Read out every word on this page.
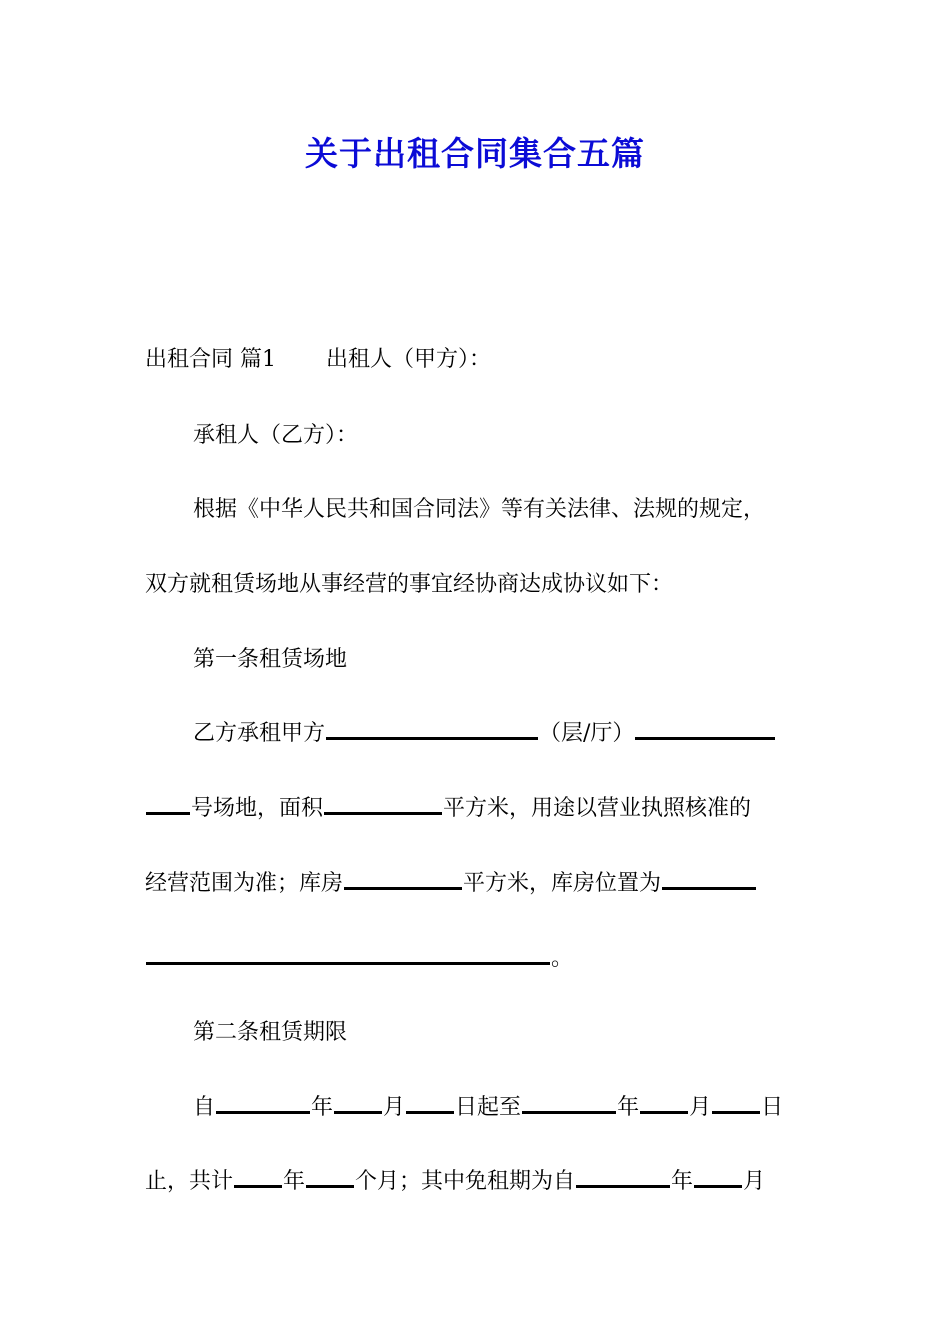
关于出租合同集合五篇

出租合同 篇1 出租人（甲方）：

承租人（乙方）：

根据《中华人民共和国合同法》等有关法律、法规的规定，

双方就租赁场地从事经营的事宜经协商达成协议如下：

第一条租赁场地

乙方承租甲方	（层/厅）

号场地，面积	平方米，用途以营业执照核准的

经营范围为准；库房	平方米，库房位置为

。

第二条租赁期限

自	年 月 日起至	年 月 日

止，共计 年 个月；其中免租期为自	年 月
